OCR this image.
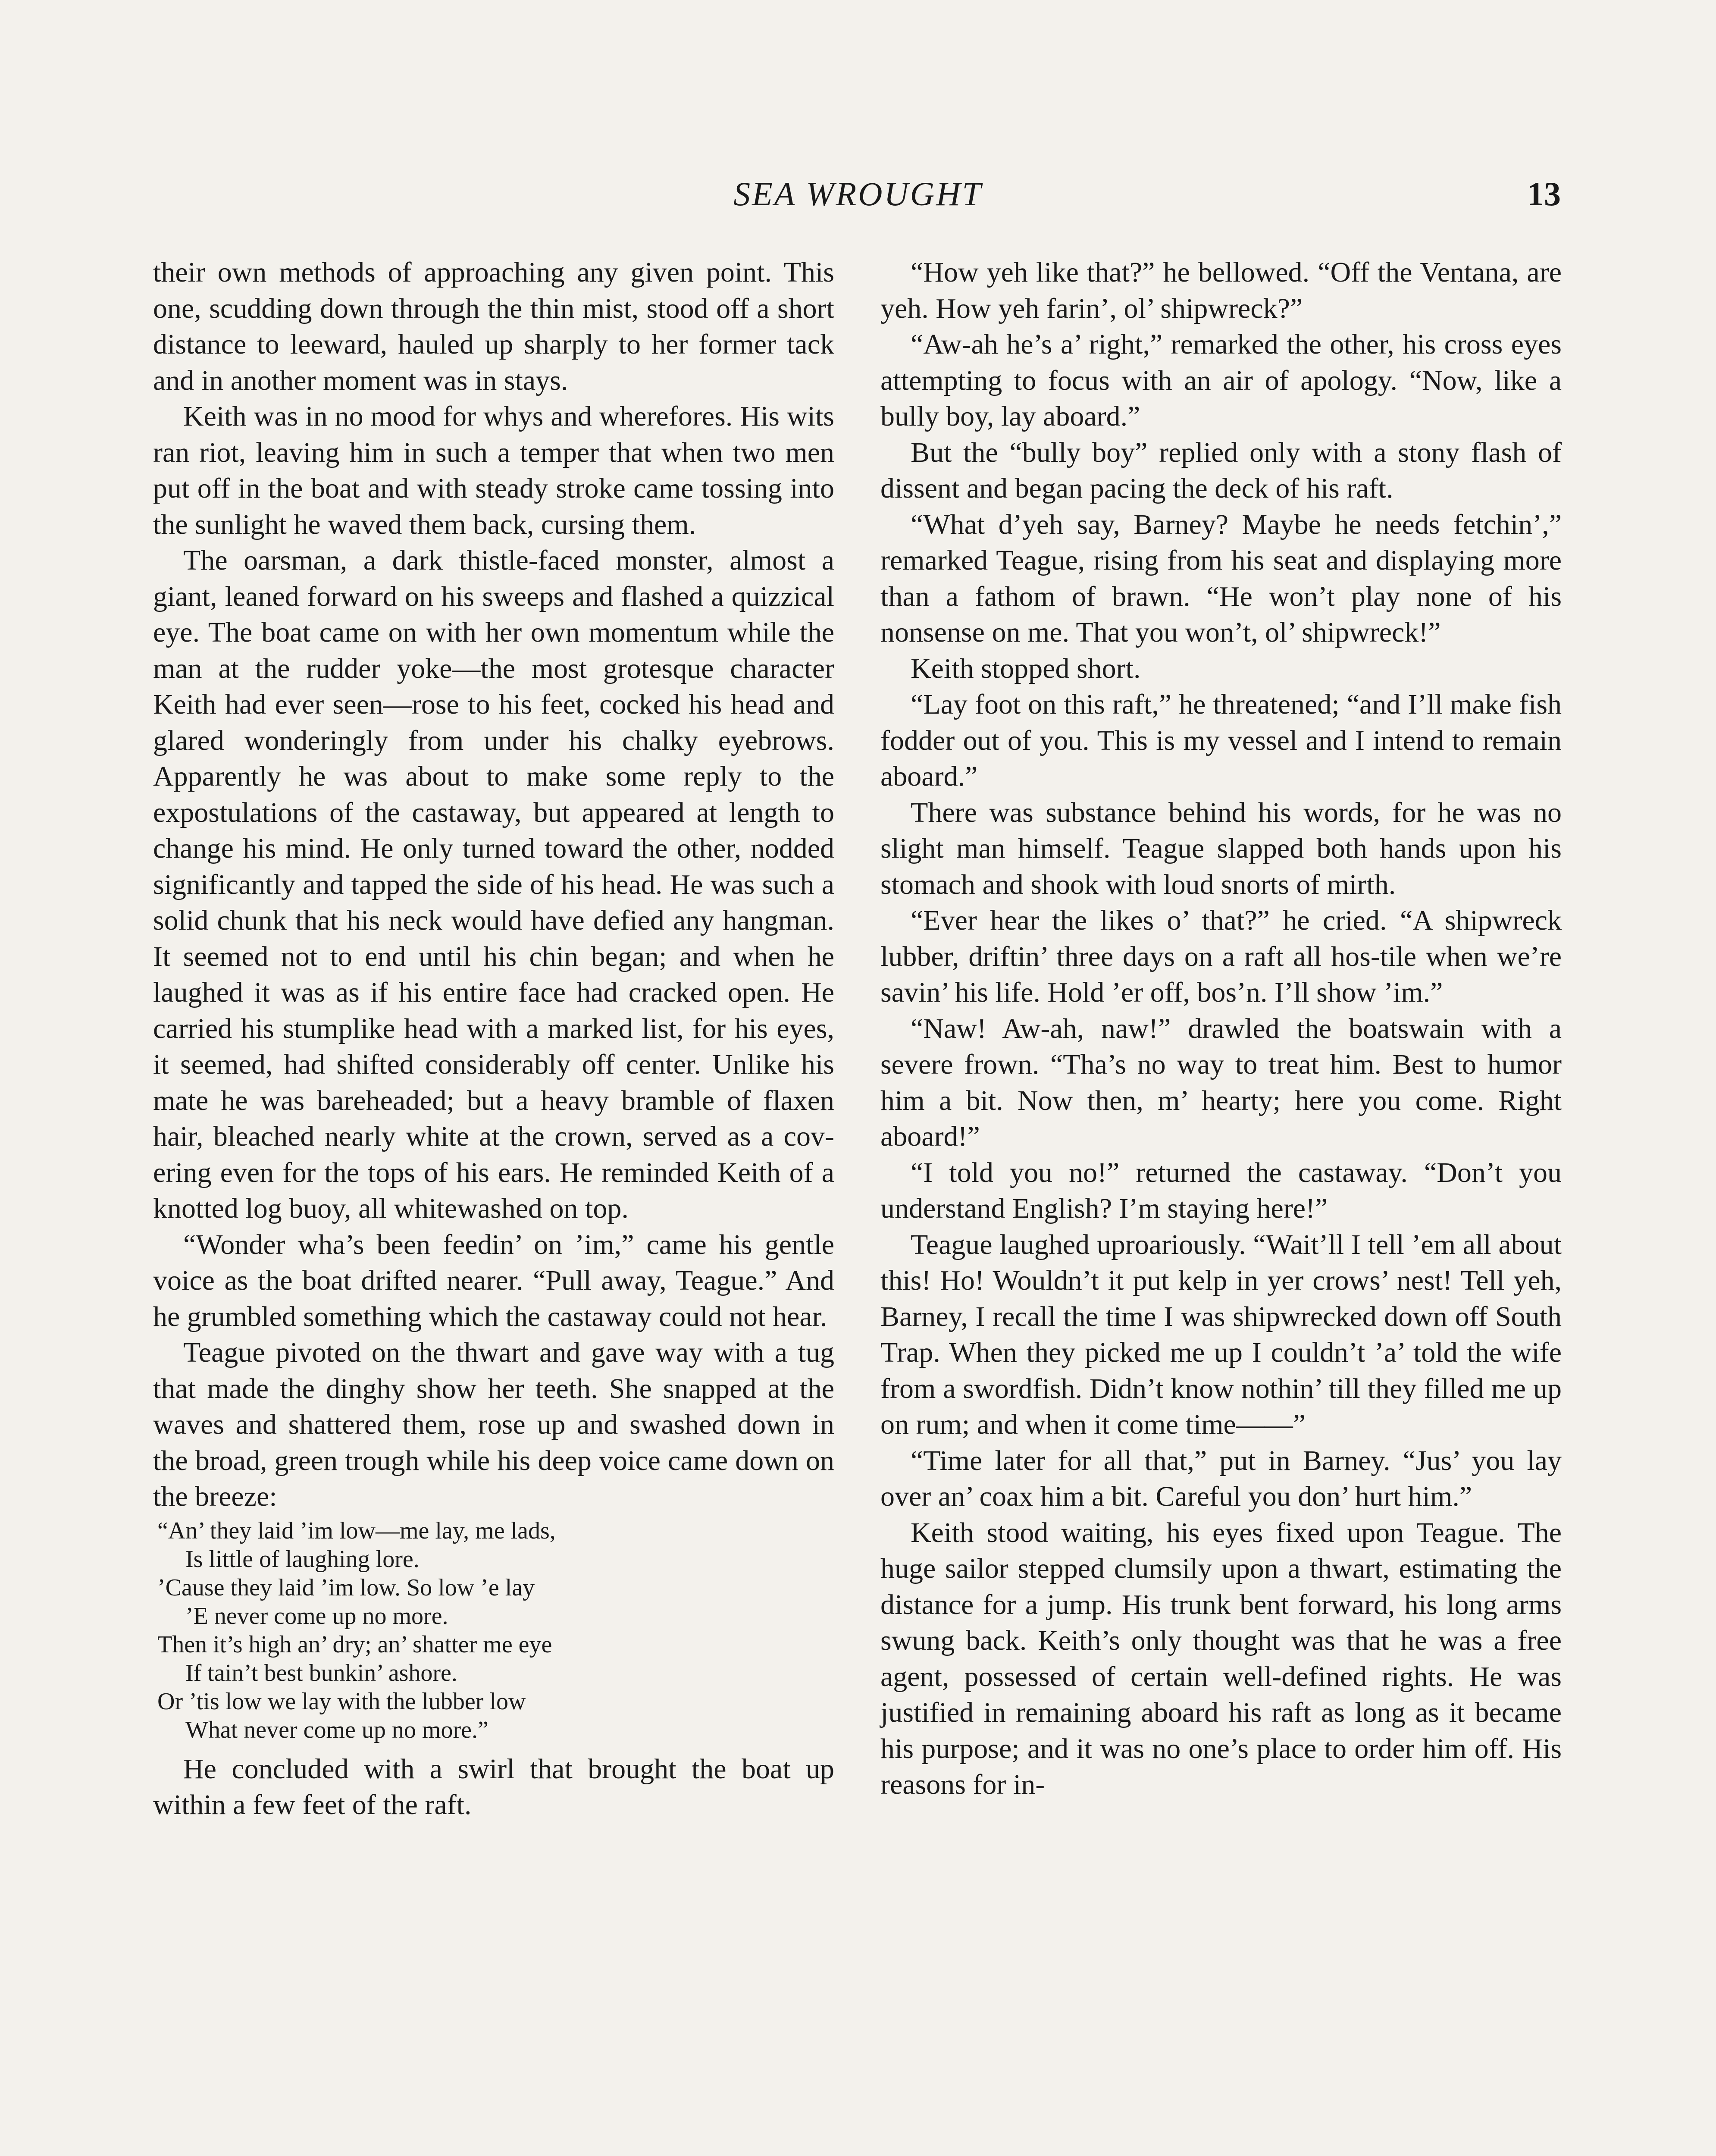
SEA WROUGHT	13

their own methods of approaching any given point. This one, scudding down through the thin mist, stood off a short distance to leeward, hauled up sharply to her former tack and in another moment was in stays.

Keith was in no mood for whys and wherefores. His wits ran riot, leaving him in such a temper that when two men put off in the boat and with steady stroke came tossing into the sunlight he waved them back, cursing them.

The oarsman, a dark thistle-faced monster, almost a giant, leaned forward on his sweeps and flashed a quizzical eye. The boat came on with her own momentum while the man at the rudder yoke—the most grotesque character Keith had ever seen—rose to his feet, cocked his head and glared wonderingly from under his chalky eyebrows. Apparently he was about to make some reply to the expostulations of the castaway, but appeared at length to change his mind. He only turned toward the other, nodded significantly and tapped the side of his head. He was such a solid chunk that his neck would have defied any hangman. It seemed not to end until his chin began; and when he laughed it was as if his entire face had cracked open. He carried his stumplike head with a marked list, for his eyes, it seemed, had shifted considerably off center. Unlike his mate he was bareheaded; but a heavy bramble of flaxen hair, bleached nearly white at the crown, served as a covering even for the tops of his ears. He reminded Keith of a knotted log buoy, all whitewashed on top.

“Wonder wha’s been feedin’ on ’im,” came his gentle voice as the boat drifted nearer. “Pull away, Teague.” And he grumbled something which the castaway could not hear.

Teague pivoted on the thwart and gave way with a tug that made the dinghy show her teeth. She snapped at the waves and shattered them, rose up and swashed down in the broad, green trough while his deep voice came down on the breeze:

“An’ they laid ’im low—me lay, me lads,
Is little of laughing lore.
’Cause they laid ’im low. So low ’e lay
’E never come up no more.
Then it’s high an’ dry; an’ shatter me eye
If tain’t best bunkin’ ashore.
Or ’tis low we lay with the lubber low
What never come up no more.”

He concluded with a swirl that brought the boat up within a few feet of the raft.

“How yeh like that?” he bellowed. “Off the Ventana, are yeh. How yeh farin’, ol’ shipwreck?”

“Aw-ah he’s a’ right,” remarked the other, his cross eyes attempting to focus with an air of apology. “Now, like a bully boy, lay aboard.”

But the “bully boy” replied only with a stony flash of dissent and began pacing the deck of his raft.

“What d’yeh say, Barney? Maybe he needs fetchin’,” remarked Teague, rising from his seat and displaying more than a fathom of brawn. “He won’t play none of his nonsense on me. That you won’t, ol’ shipwreck!”

Keith stopped short.

“Lay foot on this raft,” he threatened; “and I’ll make fish fodder out of you. This is my vessel and I intend to remain aboard.”

There was substance behind his words, for he was no slight man himself. Teague slapped both hands upon his stomach and shook with loud snorts of mirth.

“Ever hear the likes o’ that?” he cried. “A shipwreck lubber, driftin’ three days on a raft all hos-tile when we’re savin’ his life. Hold ’er off, bos’n. I’ll show ’im.”

“Naw! Aw-ah, naw!” drawled the boatswain with a severe frown. “Tha’s no way to treat him. Best to humor him a bit. Now then, m’ hearty; here you come. Right aboard!”

“I told you no!” returned the castaway. “Don’t you understand English? I’m staying here!”

Teague laughed uproariously. “Wait’ll I tell ’em all about this! Ho! Wouldn’t it put kelp in yer crows’ nest! Tell yeh, Barney, I recall the time I was shipwrecked down off South Trap. When they picked me up I couldn’t ’a’ told the wife from a swordfish. Didn’t know nothin’ till they filled me up on rum; and when it come time——”

“Time later for all that,” put in Barney. “Jus’ you lay over an’ coax him a bit. Careful you don’ hurt him.”

Keith stood waiting, his eyes fixed upon Teague. The huge sailor stepped clumsily upon a thwart, estimating the distance for a jump. His trunk bent forward, his long arms swung back. Keith’s only thought was that he was a free agent, possessed of certain well-defined rights. He was justified in remaining aboard his raft as long as it became his purpose; and it was no one’s place to order him off. His reasons for in-
